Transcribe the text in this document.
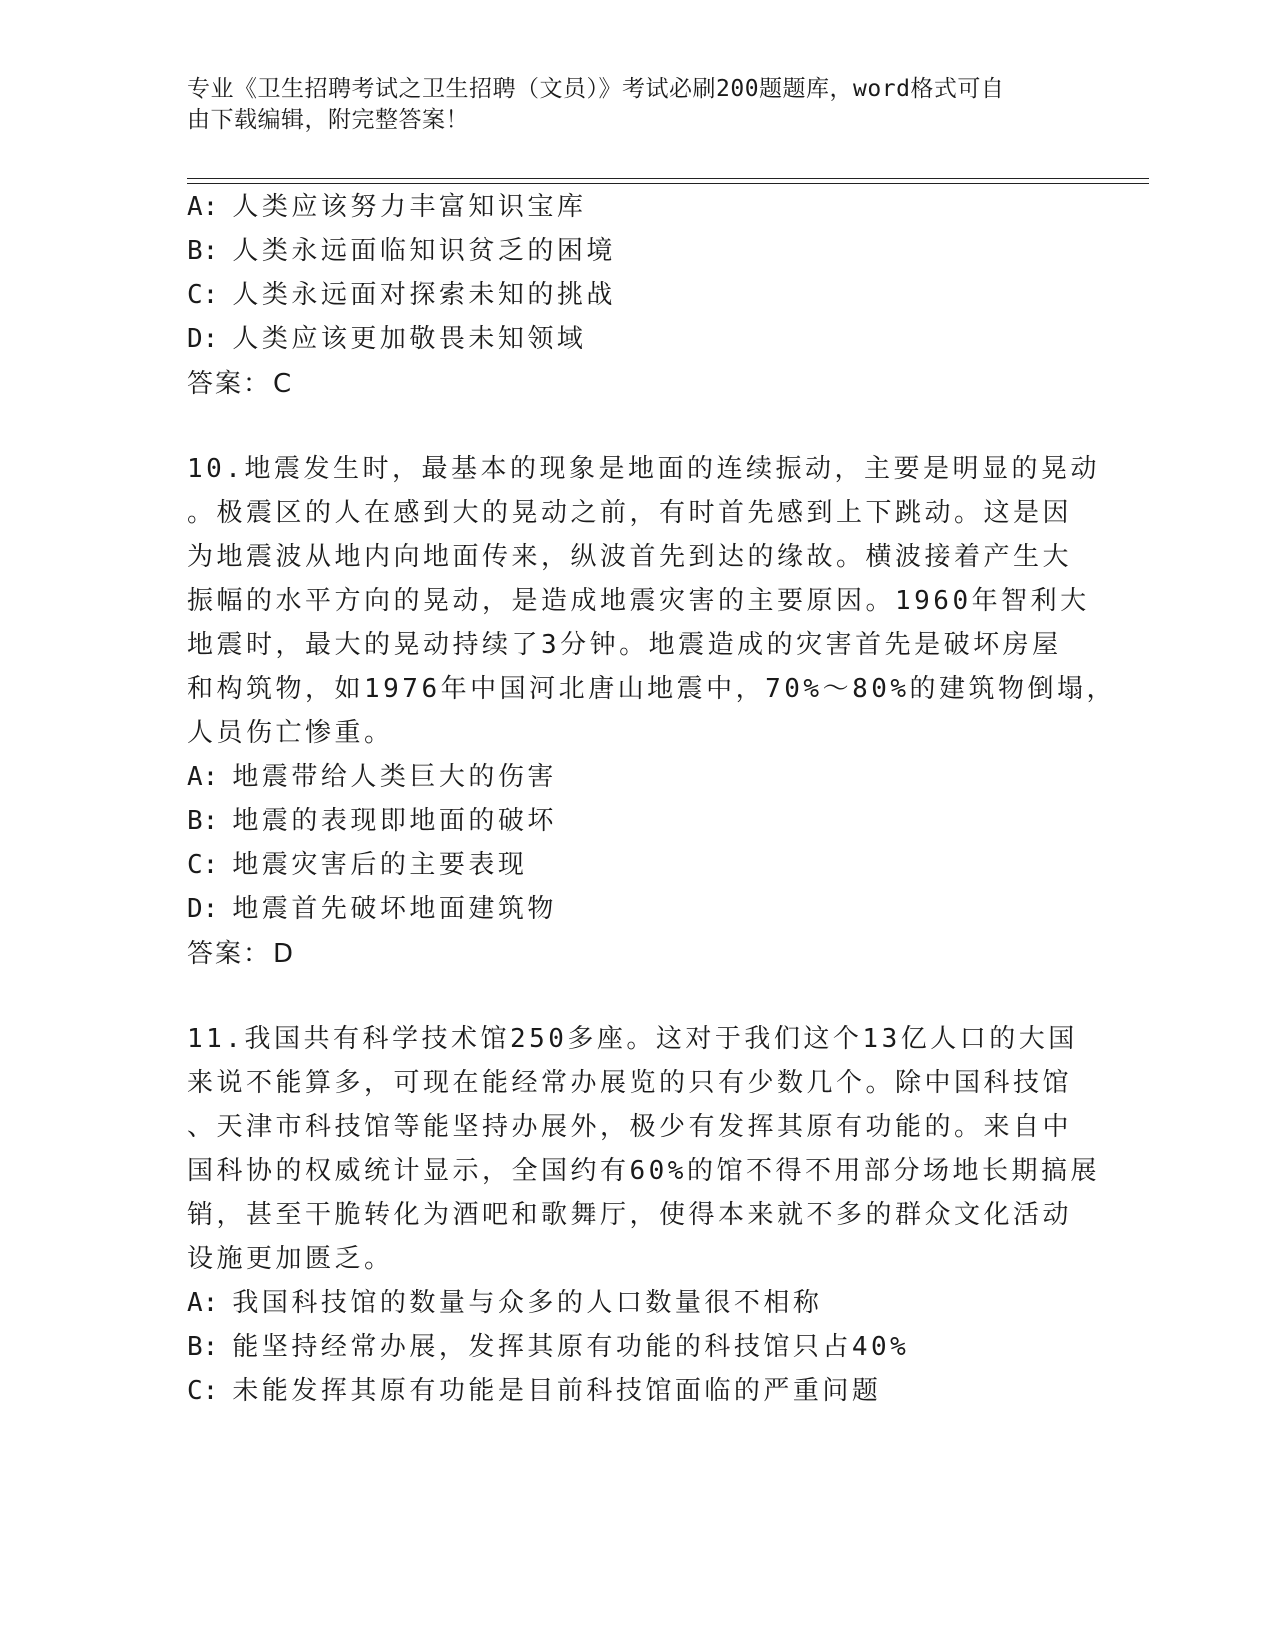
专业《卫生招聘考试之卫生招聘（文员）》考试必刷200题题库，word格式可自
由下载编辑，附完整答案！
A: 人类应该努力丰富知识宝库
B: 人类永远面临知识贫乏的困境
C: 人类永远面对探索未知的挑战
D: 人类应该更加敬畏未知领域
答案：C
10.地震发生时，最基本的现象是地面的连续振动，主要是明显的晃动
。极震区的人在感到大的晃动之前，有时首先感到上下跳动。这是因
为地震波从地内向地面传来，纵波首先到达的缘故。横波接着产生大
振幅的水平方向的晃动，是造成地震灾害的主要原因。1960年智利大
地震时，最大的晃动持续了3分钟。地震造成的灾害首先是破坏房屋
和构筑物，如1976年中国河北唐山地震中，70%～80%的建筑物倒塌，
人员伤亡惨重。
A: 地震带给人类巨大的伤害
B: 地震的表现即地面的破坏
C: 地震灾害后的主要表现
D: 地震首先破坏地面建筑物
答案：D
11.我国共有科学技术馆250多座。这对于我们这个13亿人口的大国
来说不能算多，可现在能经常办展览的只有少数几个。除中国科技馆
、天津市科技馆等能坚持办展外，极少有发挥其原有功能的。来自中
国科协的权威统计显示，全国约有60%的馆不得不用部分场地长期搞展
销，甚至干脆转化为酒吧和歌舞厅，使得本来就不多的群众文化活动
设施更加匮乏。
A: 我国科技馆的数量与众多的人口数量很不相称
B: 能坚持经常办展，发挥其原有功能的科技馆只占40%
C: 未能发挥其原有功能是目前科技馆面临的严重问题
